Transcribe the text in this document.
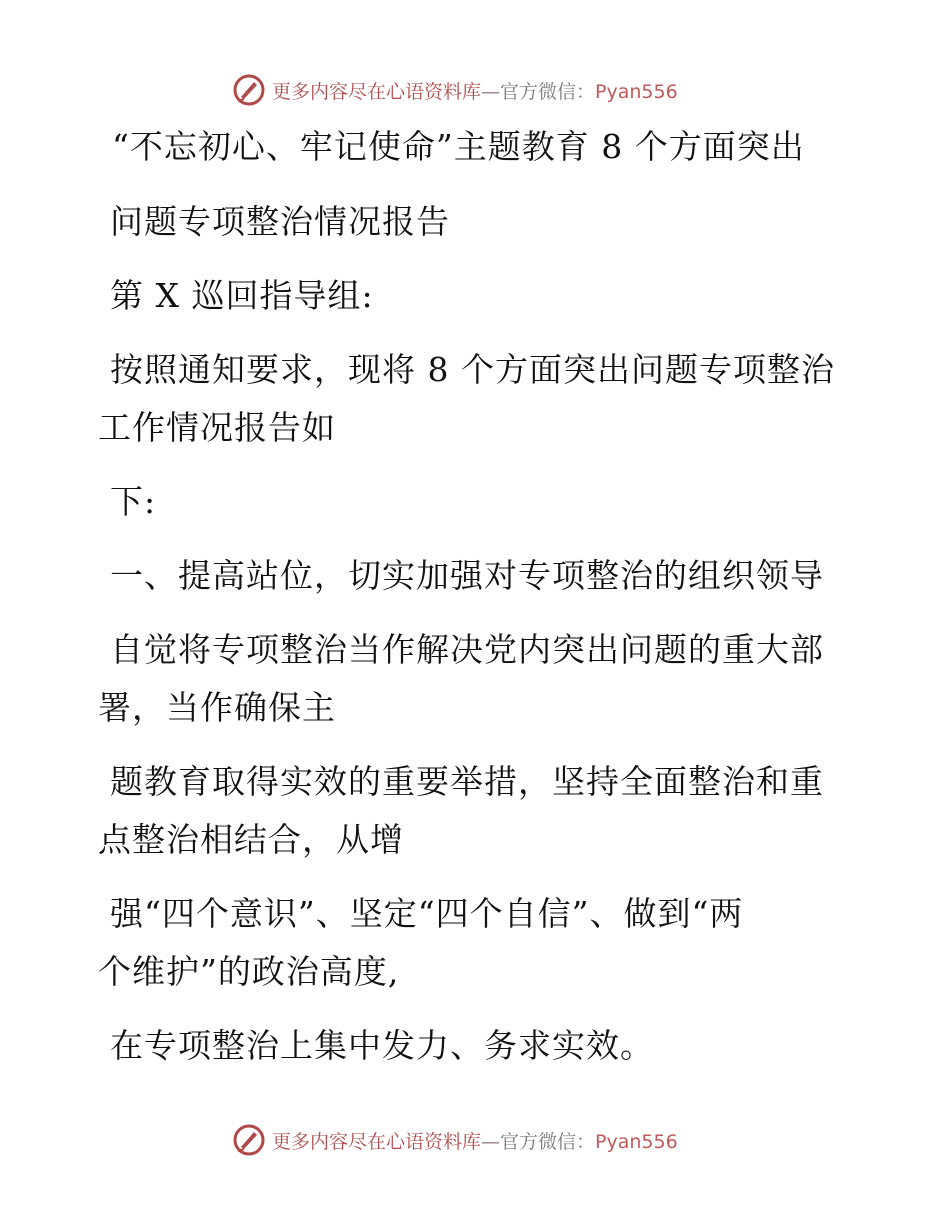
更多内容尽在心语资料库—官方微信：Pyan556
“不忘初心、牢记使命”主题教育 8 个方面突出
问题专项整治情况报告
第 X 巡回指导组:
按照通知要求，现将 8 个方面突出问题专项整治
工作情况报告如
下:
一、提高站位，切实加强对专项整治的组织领导
自觉将专项整治当作解决党内突出问题的重大部
署，当作确保主
题教育取得实效的重要举措，坚持全面整治和重
点整治相结合，从增
强“四个意识”、坚定“四个自信”、做到“两
个维护”的政治高度,
在专项整治上集中发力、务求实效。
更多内容尽在心语资料库—官方微信：Pyan556
